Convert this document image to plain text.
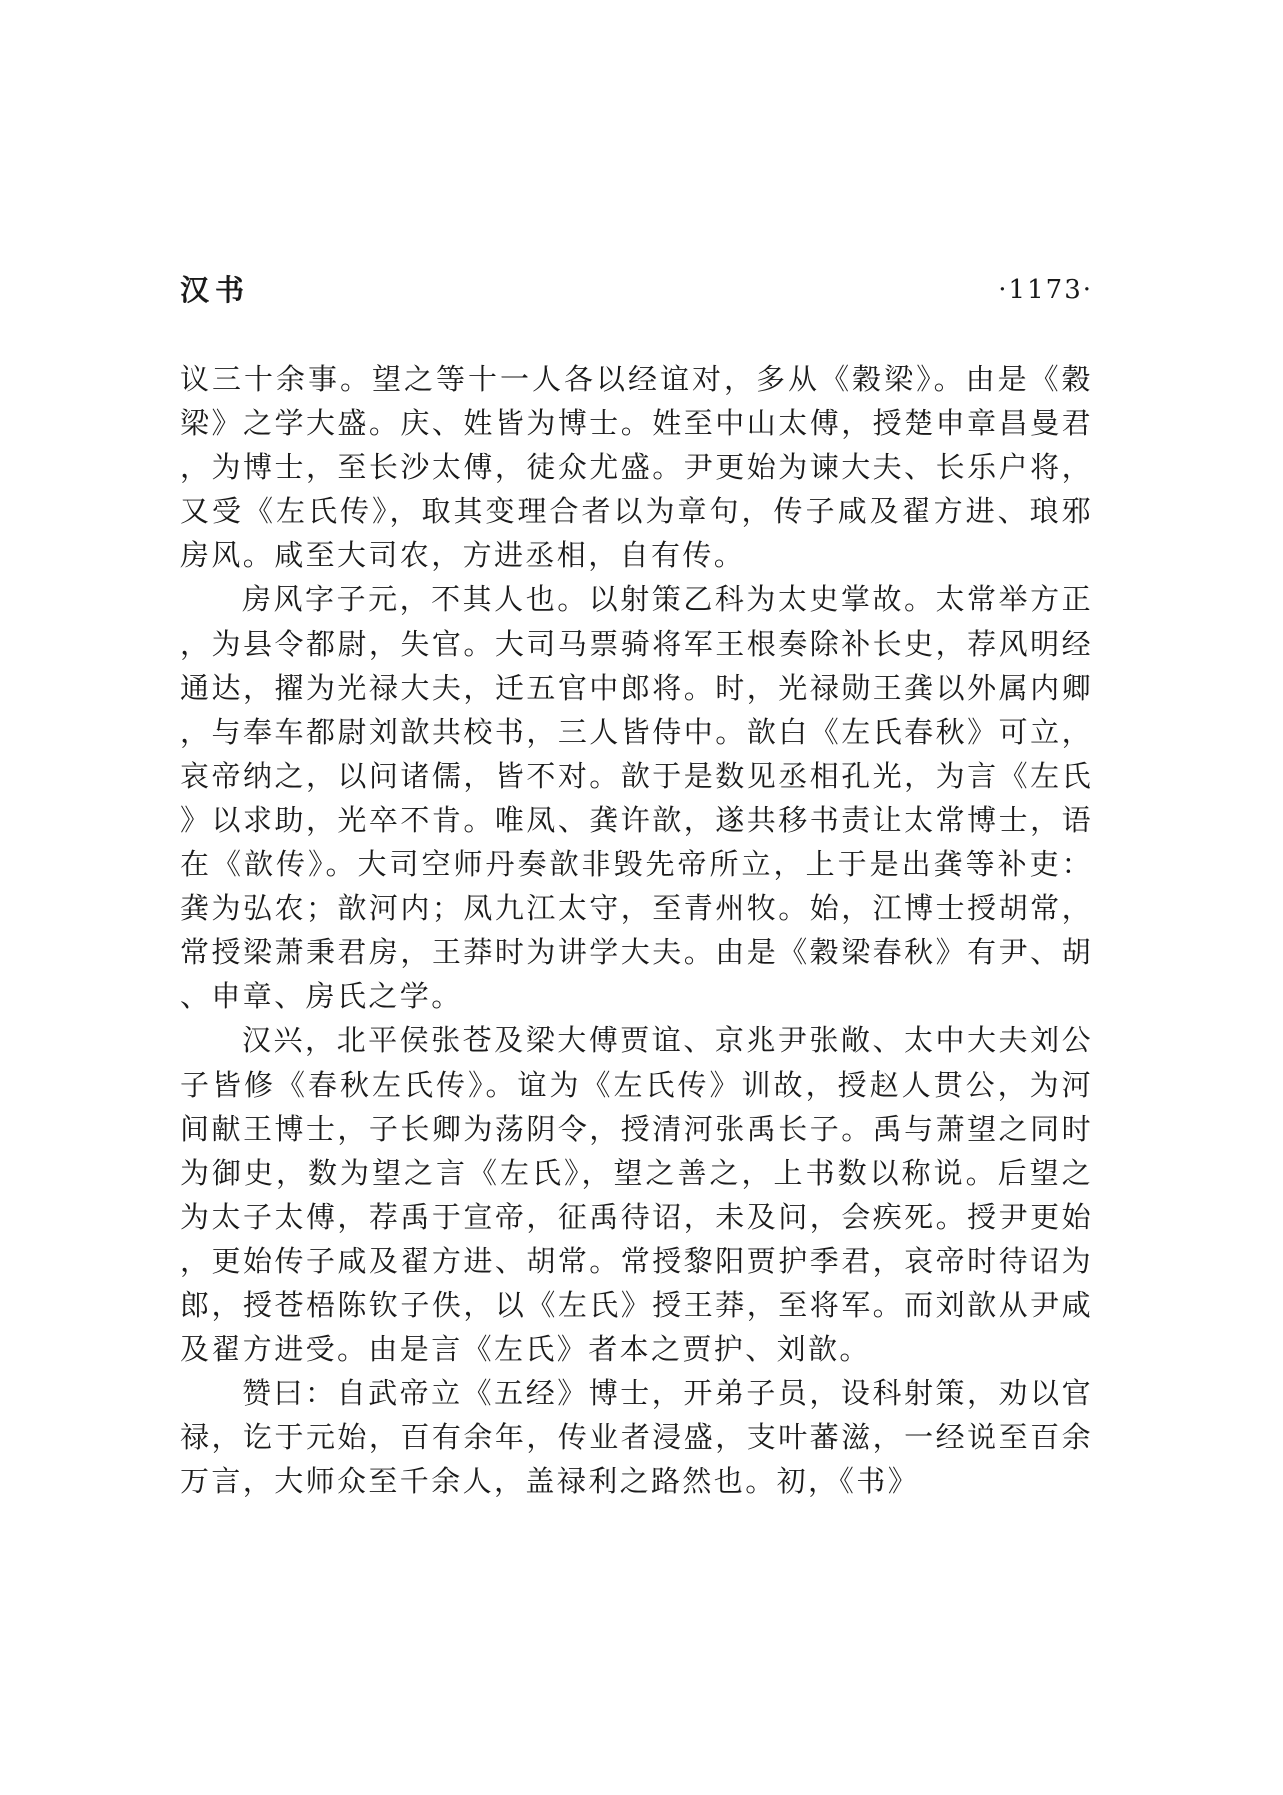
汉书	·1173·

议三十余事。望之等十一人各以经谊对，多从《穀梁》。由是《穀梁》之学大盛。庆、姓皆为博士。姓至中山太傅，授楚申章昌曼君，为博士，至长沙太傅，徒众尤盛。尹更始为谏大夫、长乐户将，又受《左氏传》，取其变理合者以为章句，传子咸及翟方进、琅邪房风。咸至大司农，方进丞相，自有传。

房风字子元，不其人也。以射策乙科为太史掌故。太常举方正，为县令都尉，失官。大司马票骑将军王根奏除补长史，荐风明经通达，擢为光禄大夫，迁五官中郎将。时，光禄勋王龚以外属内卿，与奉车都尉刘歆共校书，三人皆侍中。歆白《左氏春秋》可立，哀帝纳之，以问诸儒，皆不对。歆于是数见丞相孔光，为言《左氏》以求助，光卒不肯。唯凤、龚许歆，遂共移书责让太常博士，语在《歆传》。大司空师丹奏歆非毁先帝所立，上于是出龚等补吏：龚为弘农；歆河内；凤九江太守，至青州牧。始，江博士授胡常，常授梁萧秉君房，王莽时为讲学大夫。由是《穀梁春秋》有尹、胡、申章、房氏之学。

汉兴，北平侯张苍及梁大傅贾谊、京兆尹张敞、太中大夫刘公子皆修《春秋左氏传》。谊为《左氏传》训故，授赵人贯公，为河间献王博士，子长卿为荡阴令，授清河张禹长子。禹与萧望之同时为御史，数为望之言《左氏》，望之善之，上书数以称说。后望之为太子太傅，荐禹于宣帝，征禹待诏，未及问，会疾死。授尹更始，更始传子咸及翟方进、胡常。常授黎阳贾护季君，哀帝时待诏为郎，授苍梧陈钦子佚，以《左氏》授王莽，至将军。而刘歆从尹咸及翟方进受。由是言《左氏》者本之贾护、刘歆。

赞曰：自武帝立《五经》博士，开弟子员，设科射策，劝以官禄，讫于元始，百有余年，传业者浸盛，支叶蕃滋，一经说至百余万言，大师众至千余人，盖禄利之路然也。初，《书》
